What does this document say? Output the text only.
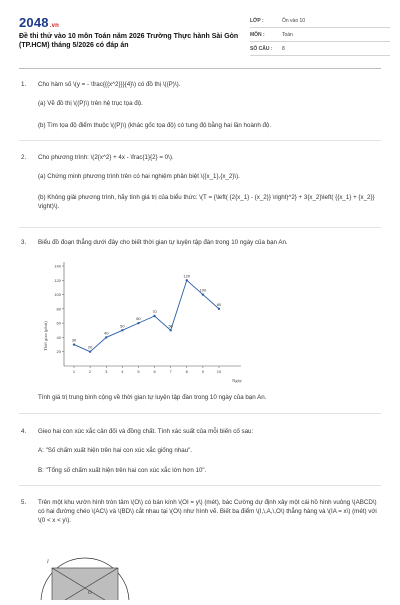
2048.vn
Đề thi thử vào 10 môn Toán năm 2026 Trường Thực hành Sài Gòn (TP.HCM) tháng 5/2026 có đáp án
LỚP :	Ôn vào 10
MÔN :	Toán
SỐ CÂU :	8
1. Cho hàm số \(y = - \frac{{{x^2}}}{4}\) có đồ thị \((P)\).
(a) Vẽ đồ thị \((P)\) trên hệ trục tọa độ.
(b) Tìm tọa độ điểm thuộc \((P)\) (khác gốc tọa độ) có tung độ bằng hai lần hoành độ.
2. Cho phương trình: \(2{x^2} + 4x - \frac{1}{2} = 0\).
(a) Chứng minh phương trình trên có hai nghiệm phân biệt \({x_1},{x_2}\).
(b) Không giải phương trình, hãy tính giá trị của biểu thức: \(T = {\left( {2{x_1} - {x_2}} \right)^2} + 3{x_2}\left( {{x_1} + {x_2}} \right)\).
3. Biểu đồ đoạn thẳng dưới đây cho biết thời gian tự luyện tập đàn trong 10 ngày của bạn An.
20
40
60
80
100
120
140
1	2	3	4	5	6	7	8	9	10
30
20
40
50
60
70
50
120
100
80
Thời gian (phút)
Ngày
Tính giá trị trung bình cộng về thời gian tự luyện tập đàn trong 10 ngày của bạn An.
4. Gieo hai con xúc xắc cân đối và đồng chất. Tính xác suất của mỗi biến cố sau:
A: "Số chấm xuất hiện trên hai con xúc xắc giống nhau".
B: "Tổng số chấm xuất hiện trên hai con xúc xắc lớn hơn 10".
5. Trên một khu vườn hình tròn tâm \(O\) có bán kính \(OI = y\) (mét), bác Cường dự định xây một cái hồ hình vuông \(ABCD\) có hai đường chéo \(AC\) và \(BD\) cắt nhau tại \(O\) như hình vẽ. Biết ba điểm \(I,\,A,\,O\) thẳng hàng và \(IA = x\) (mét) với \(0 < x < y\).
I
O
